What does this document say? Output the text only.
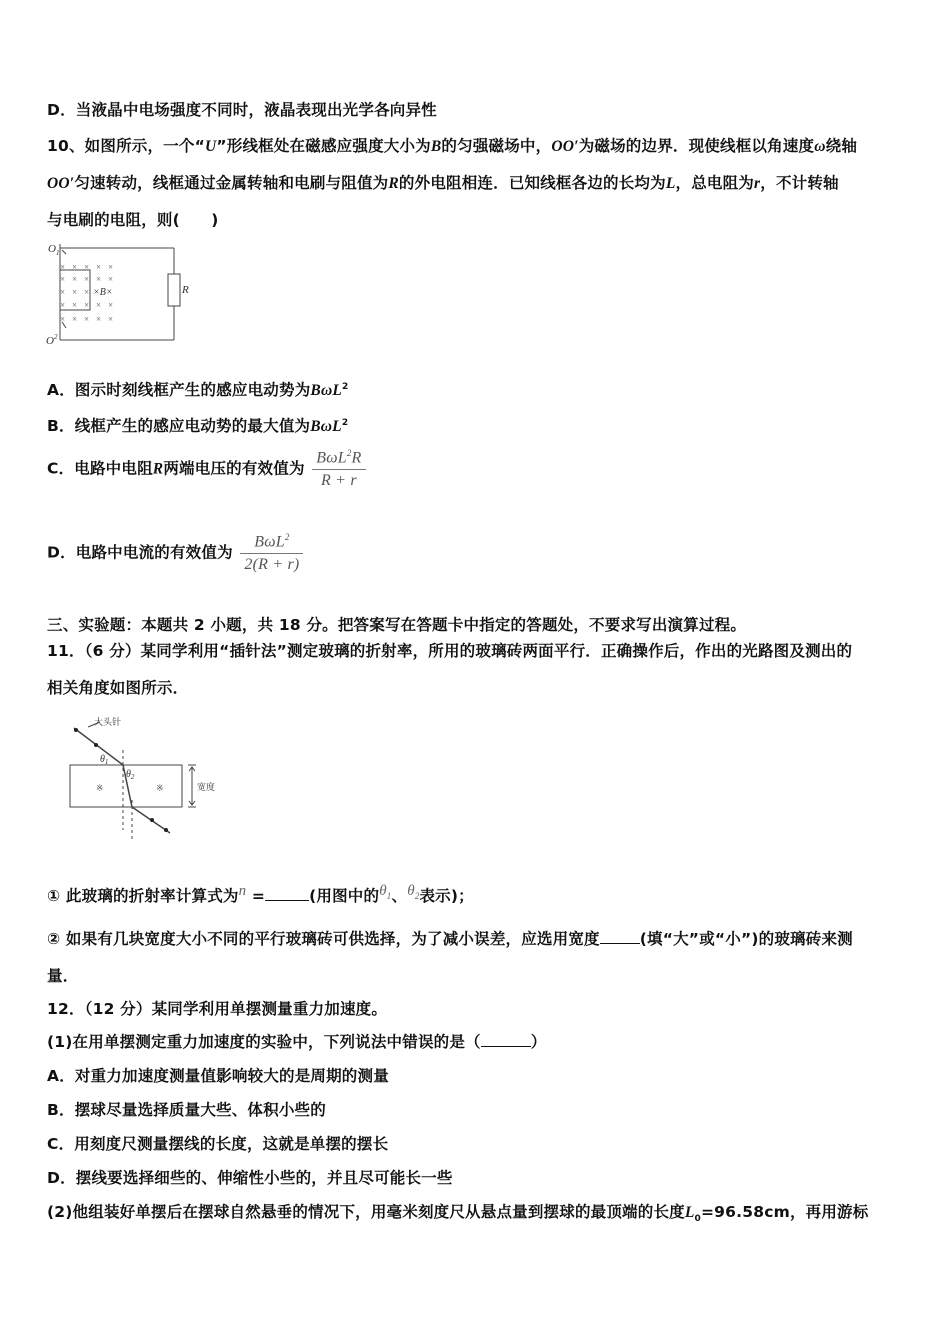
D．当液晶中电场强度不同时，液晶表现出光学各向异性
10、如图所示，一个“U”形线框处在磁感应强度大小为B的匀强磁场中，OO′为磁场的边界．现使线框以角速度ω绕轴
OO′匀速转动，线框通过金属转轴和电刷与阻值为R的外电阻相连．已知线框各边的长均为L，总电阻为r，不计转轴
与电刷的电阻，则(　　)
× × × × ×
× × × × ×
× × ×
× × × × ×
× × × × ×
×B×	R
$O_1$
$O^2$
A．图示时刻线框产生的感应电动势为BωL$^2$
B．线框产生的感应电动势的最大值为BωL$^2$
C．电路中电阻R两端电压的有效值为 $\frac{B\omega L^2R}{R + r}$
D．电路中电流的有效值为 $\frac{B\omega L^2}{2(R + r)}$
三、实验题：本题共 2 小题，共 18 分。把答案写在答题卡中指定的答题处，不要求写出演算过程。
11．（6 分）某同学利用“插针法”测定玻璃的折射率，所用的玻璃砖两面平行．正确操作后，作出的光路图及测出的
相关角度如图所示．
大头针
$\theta_1$
$\theta_2$
宽度
※	※
① 此玻璃的折射率计算式为n =	(用图中的$\theta_1$、$\theta_2$表示)；
② 如果有几块宽度大小不同的平行玻璃砖可供选择，为了减小误差，应选用宽度	(填“大”或“小”)的玻璃砖来测
量．
12．（12 分）某同学利用单摆测量重力加速度。
(1)在用单摆测定重力加速度的实验中，下列说法中错误的是（	）
A．对重力加速度测量值影响较大的是周期的测量
B．摆球尽量选择质量大些、体积小些的
C．用刻度尺测量摆线的长度，这就是单摆的摆长
D．摆线要选择细些的、伸缩性小些的，并且尽可能长一些
(2)他组装好单摆后在摆球自然悬垂的情况下，用毫米刻度尺从悬点量到摆球的最顶端的长度$L_0=96.58cm$，再用游标
